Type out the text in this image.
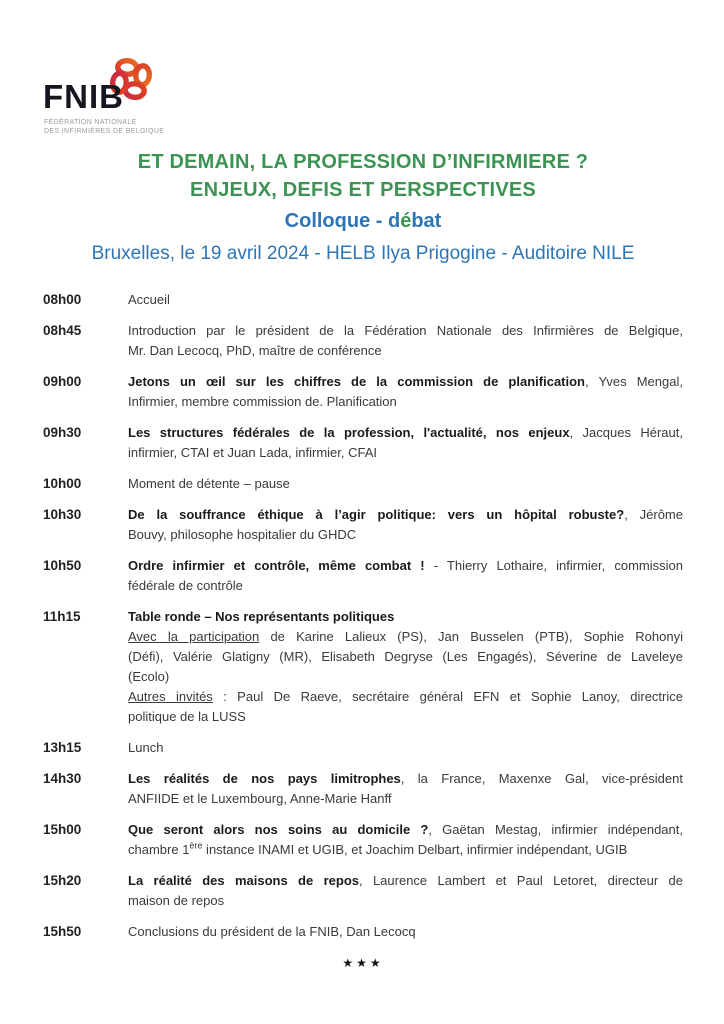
FNIB
FÉDÉRATION NATIONALE
DES INFIRMIÈRES DE BELGIQUE
ET DEMAIN, LA PROFESSION D’INFIRMIERE ?
ENJEUX, DEFIS ET PERSPECTIVES
Colloque - débat
Bruxelles, le 19 avril 2024 - HELB Ilya Prigogine - Auditoire NILE
08h00	Accueil
08h45	Introduction par le président de la Fédération Nationale des Infirmières de Belgique,
Mr. Dan Lecocq, PhD, maître de conférence
09h00	Jetons un œil sur les chiffres de la commission de planification, Yves Mengal,
Infirmier, membre commission de. Planification
09h30	Les structures fédérales de la profession, l'actualité, nos enjeux, Jacques Héraut,
infirmier, CTAI et Juan Lada, infirmier, CFAI
10h00	Moment de détente – pause
10h30	De la souffrance éthique à l’agir politique: vers un hôpital robuste?, Jérôme
Bouvy, philosophe hospitalier du GHDC
10h50	Ordre infirmier et contrôle, même combat ! - Thierry Lothaire, infirmier, commission
fédérale de contrôle
11h15	Table ronde – Nos représentants politiques
Avec la participation de Karine Lalieux (PS), Jan Busselen (PTB), Sophie Rohonyi
(Défi), Valérie Glatigny (MR), Elisabeth Degryse (Les Engagés), Séverine de Laveleye
(Ecolo)
Autres invités : Paul De Raeve, secrétaire général EFN et Sophie Lanoy, directrice
politique de la LUSS
13h15	Lunch
14h30	Les réalités de nos pays limitrophes, la France, Maxenxe Gal, vice-président
ANFIIDE et le Luxembourg, Anne-Marie Hanff
15h00	Que seront alors nos soins au domicile ?, Gaëtan Mestag, infirmier indépendant,
chambre 1ère instance INAMI et UGIB, et Joachim Delbart, infirmier indépendant, UGIB
15h20	La réalité des maisons de repos, Laurence Lambert et Paul Letoret, directeur de
maison de repos
15h50	Conclusions du président de la FNIB, Dan Lecocq
★★★
